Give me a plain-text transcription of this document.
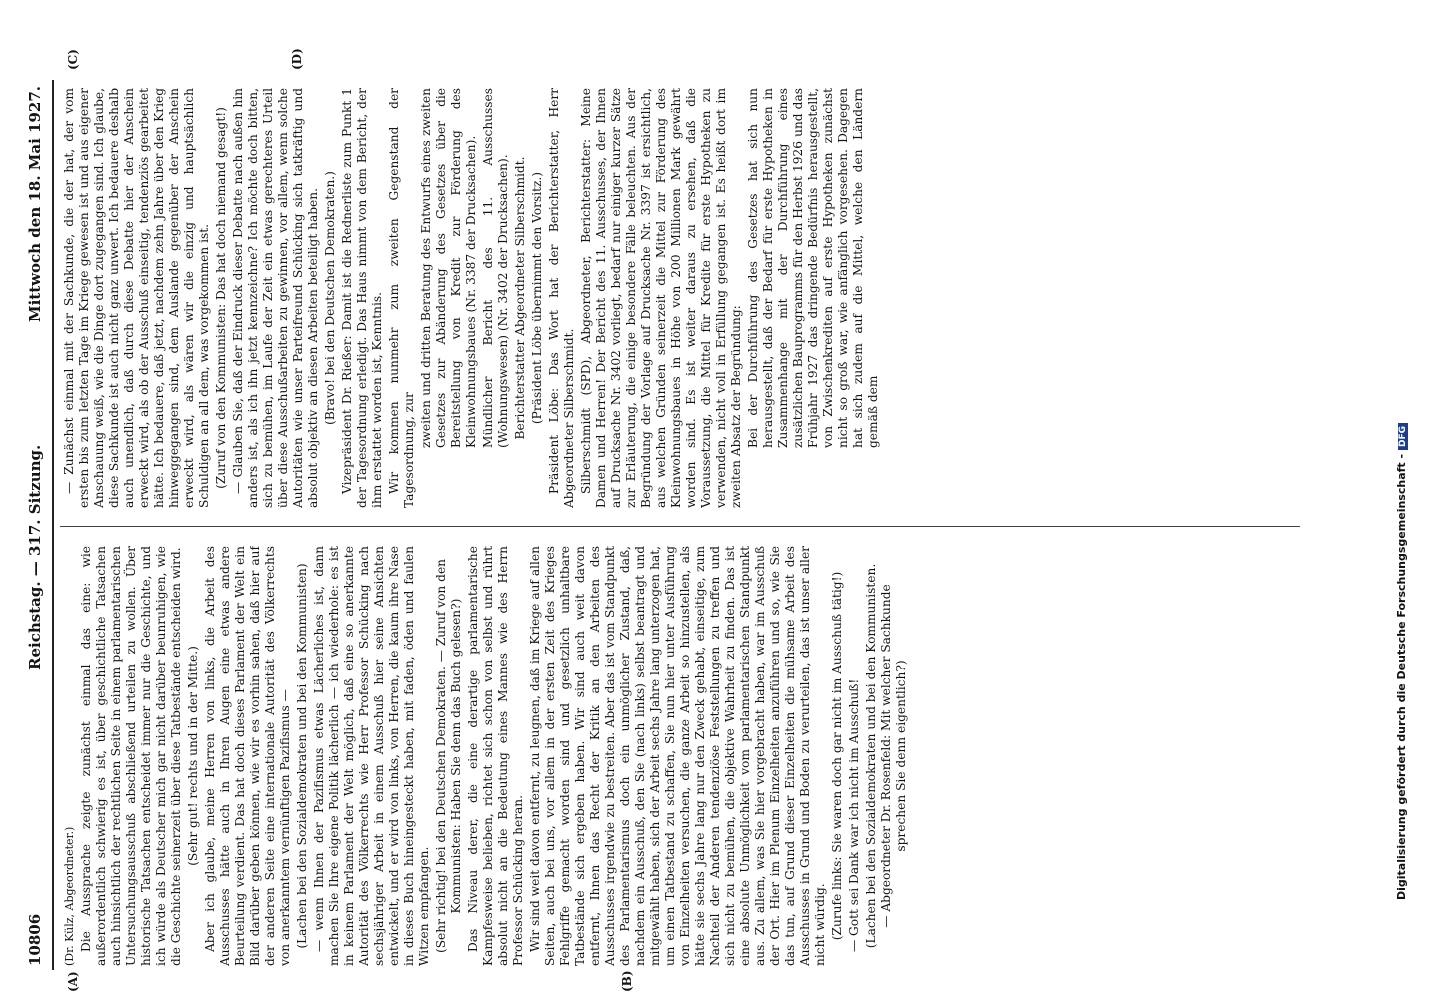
10806
Reichstag. — 317. Sitzung.
Mittwoch den 18. Mai 1927.
(A)	(B)
(C)	(D)

(Dr. Külz, Abgeordneter.) Die Aussprache zeigte zunächst einmal das eine: wie außerordentlich schwierig es ist, über geschichtliche Tatsachen auch hinsichtlich der rechtlichen Seite in einem parlamentarischen Untersuchungsausschuß abschließend urteilen zu wollen. Über historische Tatsachen entscheidet immer nur die Geschichte, und ich würde als Deutscher mich gar nicht darüber beunruhigen, wie die Geschichte seinerzeit über diese Tatbestände entscheiden wird. (Sehr gut! rechts und in der Mitte.) Aber ich glaube, meine Herren von links, die Arbeit des Ausschusses hätte auch in Ihren Augen eine etwas andere Beurteilung verdient. Das hat doch dieses Parlament der Welt ein Bild darüber geben können, wie wir es vorhin sahen, daß hier auf der anderen Seite eine internationale Autorität des Völkerrechts von anerkanntem vernünftigen Pazifismus — (Lachen bei den Sozialdemokraten und bei den Kommunisten) — wenn Ihnen der Pazifismus etwas Lächerliches ist, dann machen Sie Ihre eigene Politik lächerlich — ich wiederhole: es ist in keinem Parlament der Welt möglich, daß eine so anerkannte Autorität des Völkerrechts wie Herr Professor Schücking nach sechsjähriger Arbeit in einem Ausschuß hier seine Ansichten entwickelt, und er wird von links, von Herren, die kaum ihre Nase in dieses Buch hineingesteckt haben, mit faden, öden und faulen Witzen empfangen. (Sehr richtig! bei den Deutschen Demokraten. — Zuruf von den Kommunisten: Haben Sie denn das Buch gelesen?) Das Niveau derer, die eine derartige parlamentarische Kampfesweise belieben, richtet sich schon von selbst und rührt absolut nicht an die Bedeutung eines Mannes wie des Herrn Professor Schücking heran. Wir sind weit davon entfernt, zu leugnen, daß im Kriege auf allen Seiten, auch bei uns, vor allem in der ersten Zeit des Krieges Fehlgriffe gemacht worden sind und gesetzlich unhaltbare Tatbestände sich ergeben haben. Wir sind auch weit davon entfernt, Ihnen das Recht der Kritik an den Arbeiten des Ausschusses irgendwie zu bestreiten. Aber das ist vom Standpunkt des Parlamentarismus doch ein unmöglicher Zustand, daß, nachdem ein Ausschuß, den Sie (nach links) selbst beantragt und mitgewählt haben, sich der Arbeit sechs Jahre lang unterzogen hat, um einen Tatbestand zu schaffen, Sie nun hier unter Ausführung von Einzelheiten versuchen, die ganze Arbeit so hinzustellen, als hätte sie sechs Jahre lang nur den Zweck gehabt, einseitige, zum Nachteil der Anderen tendenziöse Feststellungen zu treffen und sich nicht zu bemühen, die objektive Wahrheit zu finden. Das ist eine absolute Unmöglichkeit vom parlamentarischen Standpunkt aus. Zu allem, was Sie hier vorgebracht haben, war im Ausschuß der Ort. Hier im Plenum Einzelheiten anzuführen und so, wie Sie das tun, auf Grund dieser Einzelheiten die mühsame Arbeit des Ausschusses in Grund und Boden zu verurteilen, das ist unser aller nicht würdig. (Zurufe links: Sie waren doch gar nicht im Ausschuß tätig!) — Gott sei Dank war ich nicht im Ausschuß! (Lachen bei den Sozialdemokraten und bei den Kommunisten. — Abgeordneter Dr. Rosenfeld: Mit welcher Sachkunde sprechen Sie denn eigentlich?)

— Zunächst einmal mit der Sachkunde, die der hat, der vom ersten bis zum letzten Tage im Kriege gewesen ist und aus eigener Anschauung weiß, wie die Dinge dort zugegangen sind. Ich glaube, diese Sachkunde ist auch nicht ganz unwert. Ich bedauere deshalb auch unendlich, daß durch diese Debatte hier der Anschein erweckt wird, als ob der Ausschuß einseitig, tendenziös gearbeitet hätte. Ich bedauere, daß jetzt, nachdem zehn Jahre über den Krieg hinweggegangen sind, dem Auslande gegenüber der Anschein erweckt wird, als wären wir die einzig und hauptsächlich Schuldigen an all dem, was vorgekommen ist. (Zuruf von den Kommunisten: Das hat doch niemand gesagt!) — Glauben Sie, daß der Eindruck dieser Debatte nach außen hin anders ist, als ich ihn jetzt kennzeichne? Ich möchte doch bitten, sich zu bemühen, im Laufe der Zeit ein etwas gerechteres Urteil über diese Ausschußarbeiten zu gewinnen, vor allem, wenn solche Autoritäten wie unser Parteifreund Schücking sich tatkräftig und absolut objektiv an diesen Arbeiten beteiligt haben. (Bravo! bei den Deutschen Demokraten.) Vizepräsident Dr. Rießer: Damit ist die Rednerliste zum Punkt 1 der Tagesordnung erledigt. Das Haus nimmt von dem Bericht, der ihm erstattet worden ist, Kenntnis. Wir kommen nunmehr zum zweiten Gegenstand der Tagesordnung, zur

zweiten und dritten Beratung des Entwurfs eines zweiten Gesetzes zur Abänderung des Gesetzes über die Bereitstellung von Kredit zur Förderung des Kleinwohnungsbaues (Nr. 3387 der Drucksachen). Mündlicher Bericht des 11. Ausschusses (Wohnungswesen) (Nr. 3402 der Drucksachen). Berichterstatter Abgeordneter Silberschmidt. (Präsident Löbe übernimmt den Vorsitz.) Präsident Löbe: Das Wort hat der Berichterstatter, Herr Abgeordneter Silberschmidt. Silberschmidt (SPD), Abgeordneter, Berichterstatter: Meine Damen und Herren! Der Bericht des 11. Ausschusses, der Ihnen auf Drucksache Nr. 3402 vorliegt, bedarf nur einiger kurzer Sätze zur Erläuterung, die einige besondere Fälle beleuchten. Aus der Begründung der Vorlage auf Drucksache Nr. 3397 ist ersichtlich, aus welchen Gründen seinerzeit die Mittel zur Förderung des Kleinwohnungsbaues in Höhe von 200 Millionen Mark gewährt worden sind. Es ist weiter daraus zu ersehen, daß die Voraussetzung, die Mittel für Kredite für erste Hypotheken zu verwenden, nicht voll in Erfüllung gegangen ist. Es heißt dort im zweiten Absatz der Begründung: Bei der Durchführung des Gesetzes hat sich nun herausgestellt, daß der Bedarf für erste Hypotheken in Zusammenhange mit der Durchführung eines zusätzlichen Bauprogramms für den Herbst 1926 und das Frühjahr 1927 das dringende Bedürfnis herausgestellt, von Zwischenkrediten auf erste Hypotheken zunächst nicht so groß war, wie anfänglich vorgesehen. Dagegen hat sich zudem auf die Mittel, welche den Ländern gemäß dem

Digitalisierung gefördert durch die Deutsche Forschungsgemeinschaft -DFG
